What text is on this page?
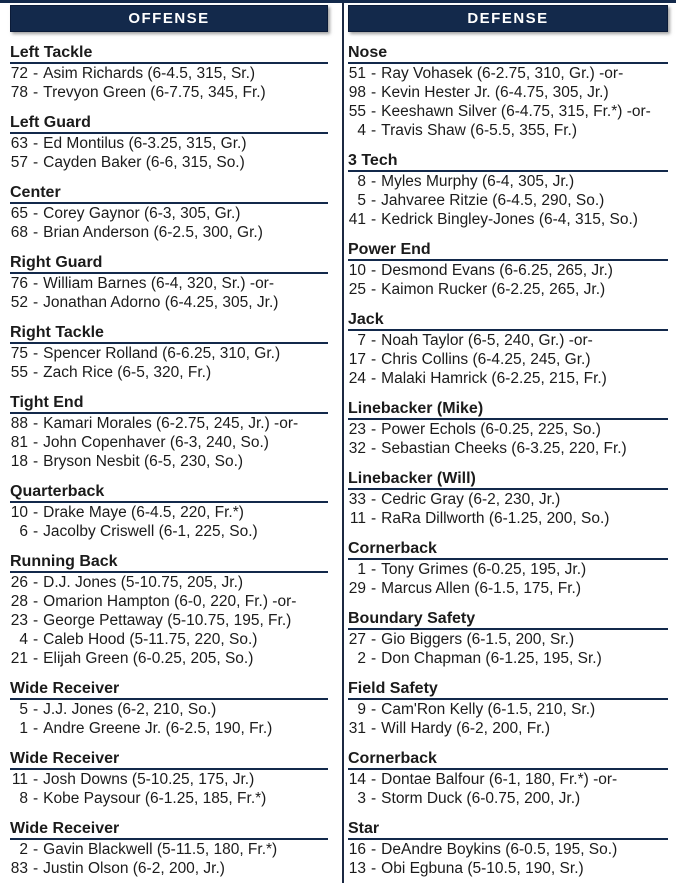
OFFENSE
Left Tackle
72 - Asim Richards (6-4.5, 315, Sr.)
78 - Trevyon Green (6-7.75, 345, Fr.)
Left Guard
63 - Ed Montilus (6-3.25, 315, Gr.)
57 - Cayden Baker (6-6, 315, So.)
Center
65 - Corey Gaynor (6-3, 305, Gr.)
68 - Brian Anderson (6-2.5, 300, Gr.)
Right Guard
76 - William Barnes (6-4, 320, Sr.) -or-
52 - Jonathan Adorno (6-4.25, 305, Jr.)
Right Tackle
75 - Spencer Rolland (6-6.25, 310, Gr.)
55 - Zach Rice (6-5, 320, Fr.)
Tight End
88 - Kamari Morales (6-2.75, 245, Jr.) -or-
81 - John Copenhaver (6-3, 240, So.)
18 - Bryson Nesbit (6-5, 230, So.)
Quarterback
10 - Drake Maye (6-4.5, 220, Fr.*)
6 - Jacolby Criswell (6-1, 225, So.)
Running Back
26 - D.J. Jones (5-10.75, 205, Jr.)
28 - Omarion Hampton (6-0, 220, Fr.) -or-
23 - George Pettaway (5-10.75, 195, Fr.)
4 - Caleb Hood (5-11.75, 220, So.)
21 - Elijah Green (6-0.25, 205, So.)
Wide Receiver
5 - J.J. Jones (6-2, 210, So.)
1 - Andre Greene Jr. (6-2.5, 190, Fr.)
Wide Receiver
11 - Josh Downs (5-10.25, 175, Jr.)
8 - Kobe Paysour (6-1.25, 185, Fr.*)
Wide Receiver
2 - Gavin Blackwell (5-11.5, 180, Fr.*)
83 - Justin Olson (6-2, 200, Jr.)
DEFENSE
Nose
51 - Ray Vohasek (6-2.75, 310, Gr.) -or-
98 - Kevin Hester Jr. (6-4.75, 305, Jr.)
55 - Keeshawn Silver (6-4.75, 315, Fr.*) -or-
4 - Travis Shaw (6-5.5, 355, Fr.)
3 Tech
8 - Myles Murphy (6-4, 305, Jr.)
5 - Jahvaree Ritzie (6-4.5, 290, So.)
41 - Kedrick Bingley-Jones (6-4, 315, So.)
Power End
10 - Desmond Evans (6-6.25, 265, Jr.)
25 - Kaimon Rucker (6-2.25, 265, Jr.)
Jack
7 - Noah Taylor (6-5, 240, Gr.) -or-
17 - Chris Collins (6-4.25, 245, Gr.)
24 - Malaki Hamrick (6-2.25, 215, Fr.)
Linebacker (Mike)
23 - Power Echols (6-0.25, 225, So.)
32 - Sebastian Cheeks (6-3.25, 220, Fr.)
Linebacker (Will)
33 - Cedric Gray (6-2, 230, Jr.)
11 - RaRa Dillworth (6-1.25, 200, So.)
Cornerback
1 - Tony Grimes (6-0.25, 195, Jr.)
29 - Marcus Allen (6-1.5, 175, Fr.)
Boundary Safety
27 - Gio Biggers (6-1.5, 200, Sr.)
2 - Don Chapman (6-1.25, 195, Sr.)
Field Safety
9 - Cam'Ron Kelly (6-1.5, 210, Sr.)
31 - Will Hardy (6-2, 200, Fr.)
Cornerback
14 - Dontae Balfour (6-1, 180, Fr.*) -or-
3 - Storm Duck (6-0.75, 200, Jr.)
Star
16 - DeAndre Boykins (6-0.5, 195, So.)
13 - Obi Egbuna (5-10.5, 190, Sr.)
